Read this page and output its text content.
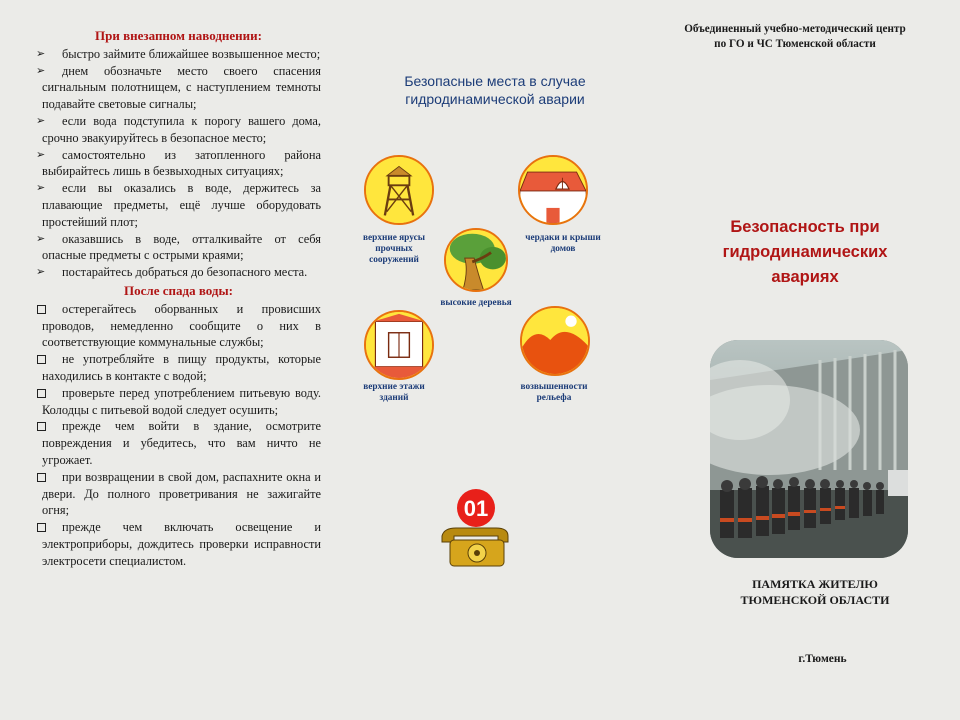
При внезапном наводнении:
➢ быстро займите ближайшее возвышенное место;
➢ днем обозначьте место своего спасения сигнальным полотнищем, с наступлением темноты подавайте световые сигналы;
➢ если вода подступила к порогу вашего дома, срочно эвакуируйтесь в безопасное место;
➢ самостоятельно из затопленного района выбирайтесь лишь в безвыходных ситуациях;
➢ если вы оказались в воде, держитесь за плавающие предметы, ещё лучше оборудовать простейший плот;
➢ оказавшись в воде, отталкивайте от себя опасные предметы с острыми краями;
➢ постарайтесь добраться до безопасного места.
После спада воды:
остерегайтесь оборванных и провисших проводов, немедленно сообщите о них в соответствующие коммунальные службы;
не употребляйте в пищу продукты, которые находились в контакте с водой;
проверьте перед употреблением питьевую воду. Колодцы с питьевой водой следует осушить;
прежде чем войти в здание, осмотрите повреждения и убедитесь, что вам ничто не угрожает.
при возвращении в свой дом, распахните окна и двери. До полного проветривания не зажигайте огня;
прежде чем включать освещение и электроприборы, дождитесь проверки исправности электросети специалистом.
Безопасные места в случае
гидродинамической аварии
верхние ярусы прочных сооружений
чердаки и крыши домов
высокие деревья
верхние этажи зданий
возвышенности рельефа
01
Объединенный учебно-методический центр
по ГО и ЧС Тюменской области
Безопасность при
гидродинамических
авариях
ПАМЯТКА ЖИТЕЛЮ
ТЮМЕНСКОЙ ОБЛАСТИ
г.Тюмень
